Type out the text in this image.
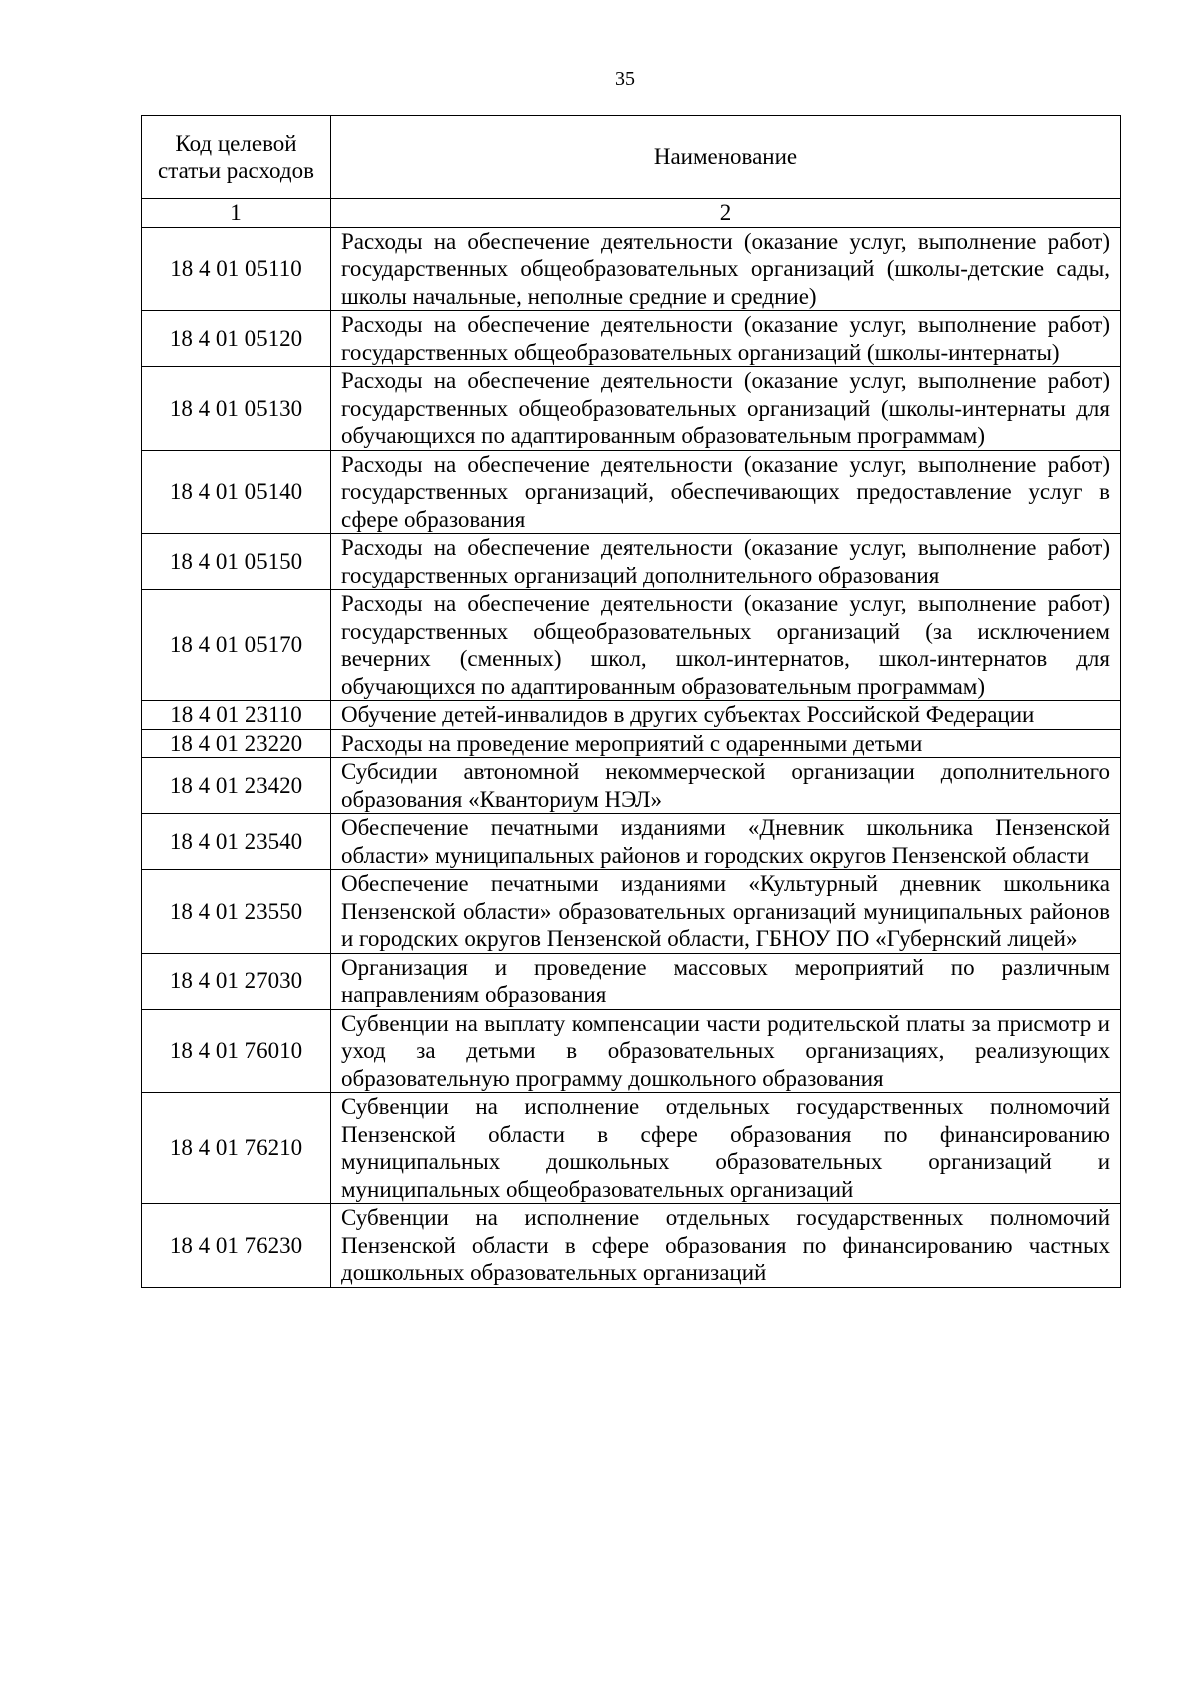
35
Код целевой статьи расходов	Наименование
1	2
18 4 01 05110	Расходы на обеспечение деятельности (оказание услуг, выполнение работ) государственных общеобразовательных организаций (школы-детские сады, школы начальные, неполные средние и средние)
18 4 01 05120	Расходы на обеспечение деятельности (оказание услуг, выполнение работ) государственных общеобразовательных организаций (школы-интернаты)
18 4 01 05130	Расходы на обеспечение деятельности (оказание услуг, выполнение работ) государственных общеобразовательных организаций (школы-интернаты для обучающихся по адаптированным образовательным программам)
18 4 01 05140	Расходы на обеспечение деятельности (оказание услуг, выполнение работ) государственных организаций, обеспечивающих предоставление услуг в сфере образования
18 4 01 05150	Расходы на обеспечение деятельности (оказание услуг, выполнение работ) государственных организаций дополнительного образования
18 4 01 05170	Расходы на обеспечение деятельности (оказание услуг, выполнение работ) государственных общеобразовательных организаций (за исключением вечерних (сменных) школ, школ-интернатов, школ-интернатов для обучающихся по адаптированным образовательным программам)
18 4 01 23110	Обучение детей-инвалидов в других субъектах Российской Федерации
18 4 01 23220	Расходы на проведение мероприятий с одаренными детьми
18 4 01 23420	Субсидии автономной некоммерческой организации дополнительного образования «Кванториум НЭЛ»
18 4 01 23540	Обеспечение печатными изданиями «Дневник школьника Пензенской области» муниципальных районов и городских округов Пензенской области
18 4 01 23550	Обеспечение печатными изданиями «Культурный дневник школьника Пензенской области» образовательных организаций муниципальных районов и городских округов Пензенской области, ГБНОУ ПО «Губернский лицей»
18 4 01 27030	Организация и проведение массовых мероприятий по различным направлениям образования
18 4 01 76010	Субвенции на выплату компенсации части родительской платы за присмотр и уход за детьми в образовательных организациях, реализующих образовательную программу дошкольного образования
18 4 01 76210	Субвенции на исполнение отдельных государственных полномочий Пензенской области в сфере образования по финансированию муниципальных дошкольных образовательных организаций и муниципальных общеобразовательных организаций
18 4 01 76230	Субвенции на исполнение отдельных государственных полномочий Пензенской области в сфере образования по финансированию частных дошкольных образовательных организаций
